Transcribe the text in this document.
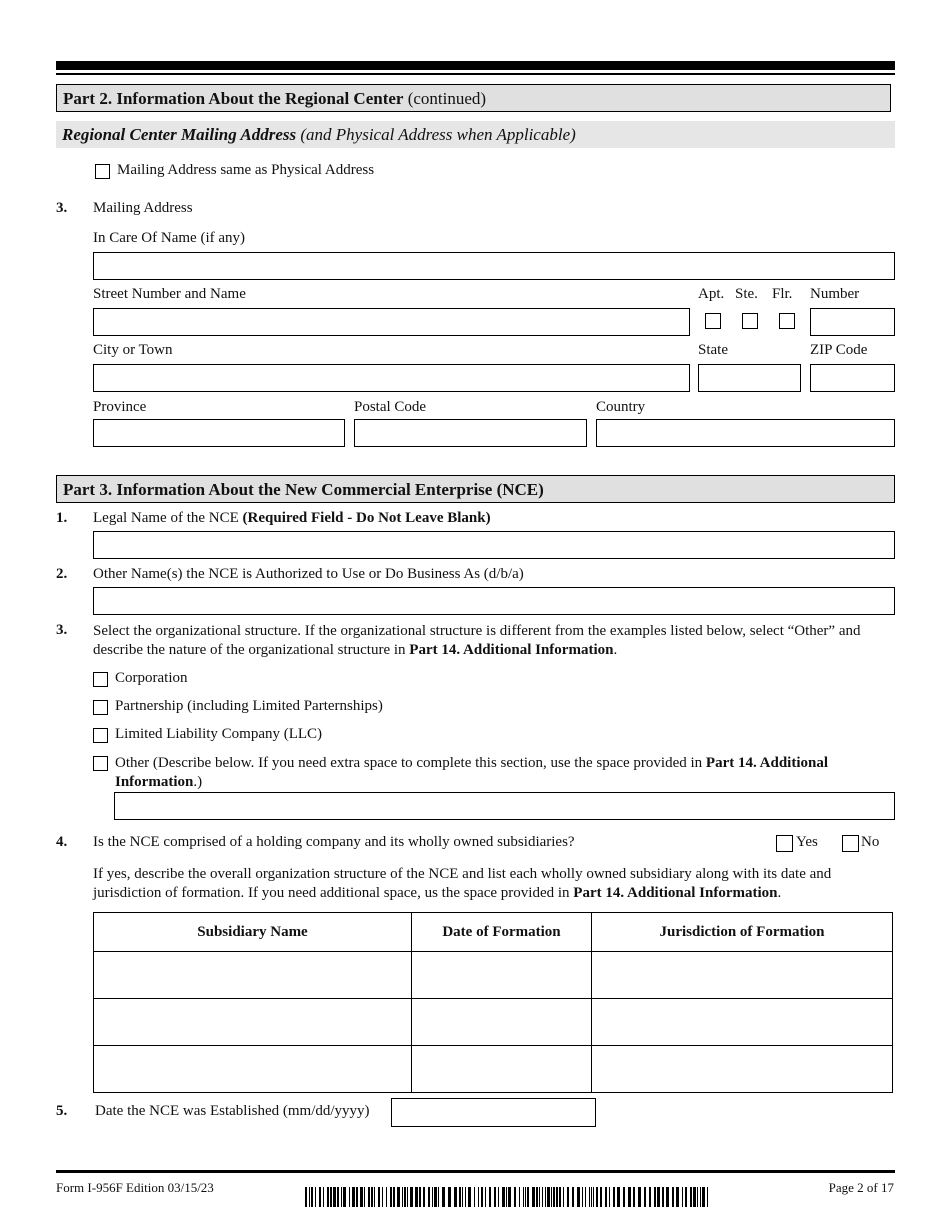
Part 2. Information About the Regional Center (continued)
Regional Center Mailing Address (and Physical Address when Applicable)
Mailing Address same as Physical Address
3. Mailing Address
In Care Of Name (if any)
Street Number and Name	Apt. Ste. Flr. Number
City or Town	State	ZIP Code
Province	Postal Code	Country
Part 3. Information About the New Commercial Enterprise (NCE)
1. Legal Name of the NCE (Required Field - Do Not Leave Blank)
2. Other Name(s) the NCE is Authorized to Use or Do Business As (d/b/a)
3. Select the organizational structure. If the organizational structure is different from the examples listed below, select “Other” and describe the nature of the organizational structure in Part 14. Additional Information.
Corporation
Partnership (including Limited Parternships)
Limited Liability Company (LLC)
Other (Describe below. If you need extra space to complete this section, use the space provided in Part 14. Additional Information.)
4. Is the NCE comprised of a holding company and its wholly owned subsidiaries?	Yes	No
If yes, describe the overall organization structure of the NCE and list each wholly owned subsidiary along with its date and jurisdiction of formation. If you need additional space, us the space provided in Part 14. Additional Information.
Subsidiary Name	Date of Formation	Jurisdiction of Formation

5. Date the NCE was Established (mm/dd/yyyy)
Form I-956F Edition 03/15/23	Page 2 of 17
